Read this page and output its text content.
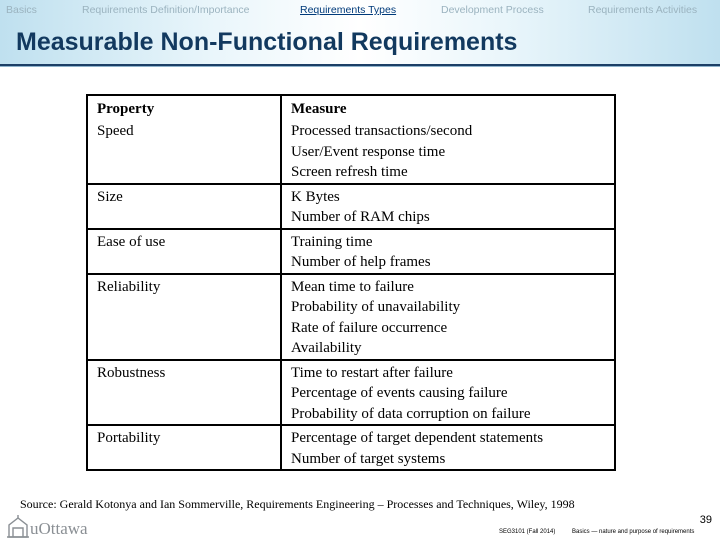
Basics	Requirements Definition/Importance	Requirements Types	Development Process	Requirements Activities
Measurable Non-Functional Requirements
Property	Measure
Speed	Processed transactions/second
User/Event response time
Screen refresh time

Size	K Bytes
Number of RAM chips

Ease of use	Training time
Number of help frames

Reliability	Mean time to failure
Probability of unavailability
Rate of failure occurrence
Availability

Robustness	Time to restart after failure
Percentage of events causing failure
Probability of data corruption on failure

Portability	Percentage of target dependent statements
Number of target systems
Source: Gerald Kotonya and Ian Sommerville, Requirements Engineering – Processes and Techniques, Wiley, 1998
uOttawa	39
SEG3101 (Fall 2014)	Basics — nature and purpose of requirements
